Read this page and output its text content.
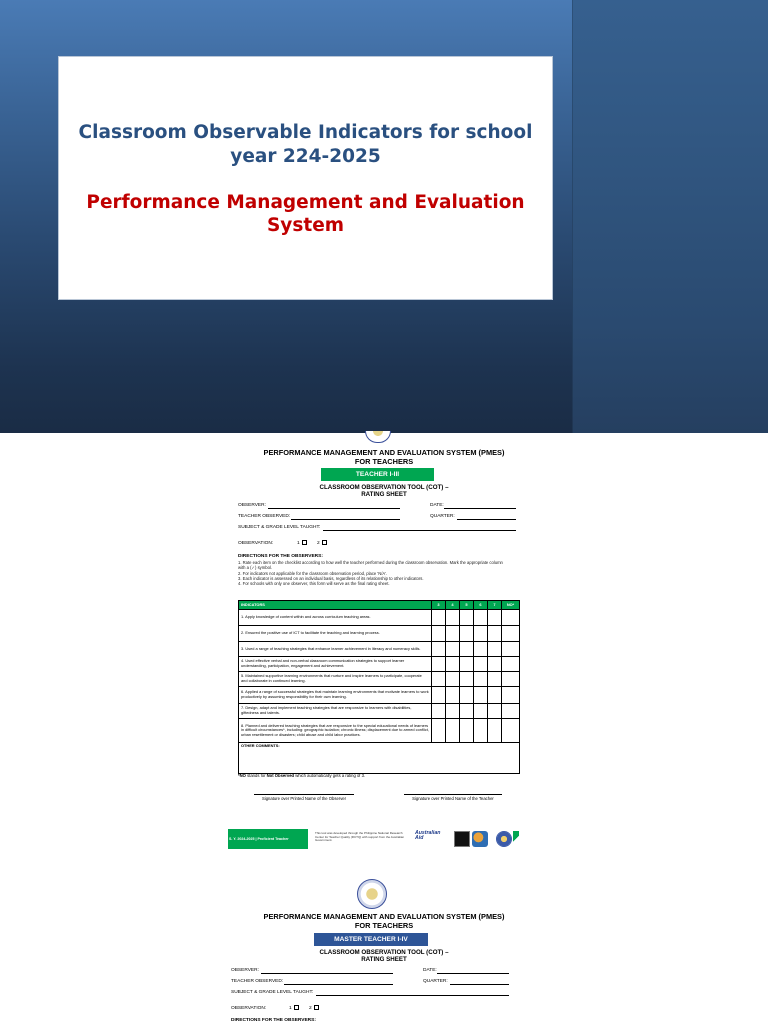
Classroom Observable Indicators for school year 224-2025
Performance Management and Evaluation System
PERFORMANCE MANAGEMENT AND EVALUATION SYSTEM (PMES)
FOR TEACHERS
TEACHER I-III
CLASSROOM OBSERVATION TOOL (COT) –
RATING SHEET
OBSERVER:	DATE:
TEACHER OBSERVED:	QUARTER:
SUBJECT & GRADE LEVEL TAUGHT:
OBSERVATION:	1	2
DIRECTIONS FOR THE OBSERVERS:
1. Rate each item on the checklist according to how well the teacher performed during the classroom observation. Mark the appropriate column with a (✓) symbol.
2. For indicators not applicable for the classroom observation period, place 'N/A'.
3. Each indicator is assessed on an individual basis, regardless of its relationship to other indicators.
4. For schools with only one observer, this form will serve as the final rating sheet.
INDICATORS	3	4	5	6	7	NO*
1. Apply knowledge of content within and across curriculum teaching areas.						
2. Ensured the positive use of ICT to facilitate the teaching and learning process.						
3. Used a range of teaching strategies that enhance learner achievement in literacy and numeracy skills.						
4. Used effective verbal and non-verbal classroom communication strategies to support learner understanding, participation, engagement and achievement.						
5. Maintained supportive learning environments that nurture and inspire learners to participate, cooperate and collaborate in continued learning.						
6. Applied a range of successful strategies that maintain learning environments that motivate learners to work productively by assuming responsibility for their own learning.						
7. Design, adapt and implement teaching strategies that are responsive to learners with disabilities, giftedness and talents.						
8. Planned and delivered teaching strategies that are responsive to the special educational needs of learners in difficult circumstances*, including: geographic isolation; chronic illness; displacement due to armed conflict, urban resettlement or disasters; child abuse and child labor practices.						
OTHER COMMENTS:						
*NO stands for Not Observed which automatically gets a rating of 3.
Signature over Printed Name of the Observer	Signature over Printed Name of the Teacher
S. Y. 2024-2025 | Proficient Teacher
This tool was developed through the Philippine National Research Center for Teacher Quality (RCTQ) with support from the Australian Government.
Australian Aid
PERFORMANCE MANAGEMENT AND EVALUATION SYSTEM (PMES)
FOR TEACHERS
MASTER TEACHER I-IV
CLASSROOM OBSERVATION TOOL (COT) –
RATING SHEET
OBSERVER:	DATE:
TEACHER OBSERVED:	QUARTER:
SUBJECT & GRADE LEVEL TAUGHT:
OBSERVATION:	1	2
DIRECTIONS FOR THE OBSERVERS:
